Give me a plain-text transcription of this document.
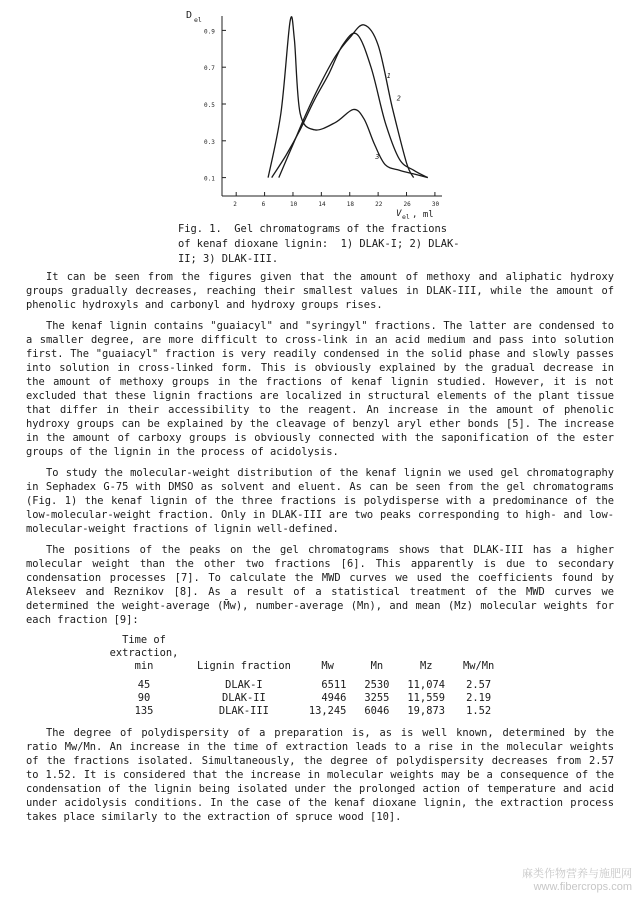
0.1
0.3
0.5
0.7
0.9
2	6	10	14	18	22	26	30
D el
V el , ml
1
2
3
Fig. 1.  Gel chromatograms of the fractions
of kenaf dioxane lignin:  1) DLAK-I; 2) DLAK-
II; 3) DLAK-III.

It can be seen from the figures given that the amount of methoxy and aliphatic hydroxy groups gradually decreases, reaching their smallest values in DLAK-III, while the amount of phenolic hydroxyls and carbonyl and hydroxy groups rises.

The kenaf lignin contains "guaiacyl" and "syringyl" fractions. The latter are condensed to a smaller degree, are more difficult to cross-link in an acid medium and pass into solution first. The "guaiacyl" fraction is very readily condensed in the solid phase and slowly passes into solution in cross-linked form. This is obviously explained by the gradual decrease in the amount of methoxy groups in the fractions of kenaf lignin studied. However, it is not excluded that these lignin fractions are localized in structural elements of the plant tissue that differ in their accessibility to the reagent. An increase in the amount of phenolic hydroxy groups can be explained by the cleavage of benzyl aryl ether bonds [5]. The increase in the amount of carboxy groups is obviously connected with the saponification of the ester groups of the lignin in the process of acidolysis.

To study the molecular-weight distribution of the kenaf lignin we used gel chromatography in Sephadex G-75 with DMSO as solvent and eluent. As can be seen from the gel chromatograms (Fig. 1) the kenaf lignin of the three fractions is polydisperse with a predominance of the low-molecular-weight fraction. Only in DLAK-III are two peaks corresponding to high- and low-molecular-weight fractions of lignin well-defined.

The positions of the peaks on the gel chromatograms shows that DLAK-III has a higher molecular weight than the other two fractions [6]. This apparently is due to secondary condensation processes [7]. To calculate the MWD curves we used the coefficients found by Alekseev and Reznikov [8]. As a result of a statistical treatment of the MWD curves we determined the weight-average (M̄w), number-average (Mn), and mean (Mz) molecular weights for each fraction [9]:

Time of extraction, min	Lignin fraction	Mw	Mn	Mz	Mw/Mn
45	DLAK-I	6511	2530	11,074	2.57
90	DLAK-II	4946	3255	11,559	2.19
135	DLAK-III	13,245	6046	19,873	1.52

The degree of polydispersity of a preparation is, as is well known, determined by the ratio Mw/Mn. An increase in the time of extraction leads to a rise in the molecular weights of the fractions isolated. Simultaneously, the degree of polydispersity decreases from 2.57 to 1.52. It is considered that the increase in molecular weights may be a consequence of the condensation of the lignin being isolated under the prolonged action of temperature and acid under acidolysis conditions. In the case of the kenaf dioxane lignin, the extraction process takes place similarly to the extraction of spruce wood [10].

麻类作物营养与施肥网
www.fibercrops.com
